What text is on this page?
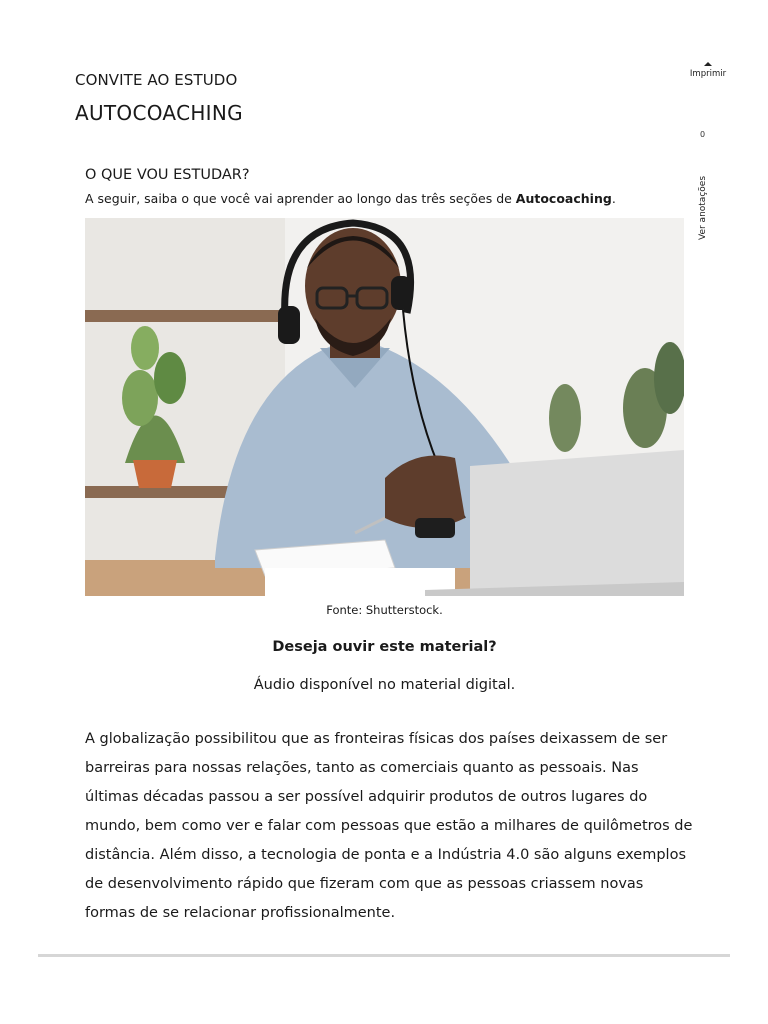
CONVITE AO ESTUDO
AUTOCOACHING
Imprimir
0
Ver anotações
O QUE VOU ESTUDAR?
A seguir, saiba o que você vai aprender ao longo das três seções de Autocoaching.
Fonte: Shutterstock.
Deseja ouvir este material?
Áudio disponível no material digital.
A globalização possibilitou que as fronteiras físicas dos países deixassem de ser barreiras para nossas relações, tanto as comerciais quanto as pessoais. Nas últimas décadas passou a ser possível adquirir produtos de outros lugares do mundo, bem como ver e falar com pessoas que estão a milhares de quilômetros de distância. Além disso, a tecnologia de ponta e a Indústria 4.0 são alguns exemplos de desenvolvimento rápido que fizeram com que as pessoas criassem novas formas de se relacionar profissionalmente.
